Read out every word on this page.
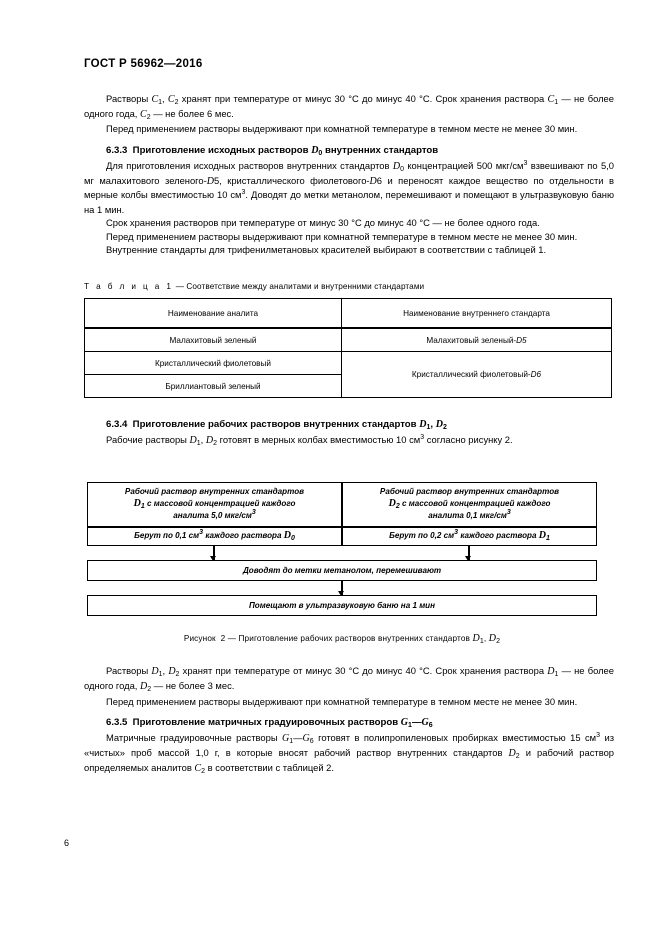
ГОСТ Р 56962—2016

Растворы $C_1$, $C_2$ хранят при температуре от минус 30 °C до минус 40 °C. Срок хранения раствора $C_1$ — не более одного года, $C_2$ — не более 6 мес.

Перед применением растворы выдерживают при комнатной температуре в темном месте не менее 30 мин.

6.3.3  Приготовление исходных растворов $D_0$ внутренних стандартов

Для приготовления исходных растворов внутренних стандартов $D_0$ концентрацией 500 мкг/$см^3$ взвешивают по 5,0 мг малахитового зеленого-D5, кристаллического фиолетового-D6 и переносят каждое вещество по отдельности в мерные колбы вместимостью 10 $см^3$. Доводят до метки метанолом, перемешивают и помещают в ультразвуковую баню на 1 мин.

Срок хранения растворов при температуре от минус 30 °C до минус 40 °C — не более одного года.

Перед применением растворы выдерживают при комнатной температуре в темном месте не менее 30 мин.

Внутренние стандарты для трифенилметановых красителей выбирают в соответствии с таблицей 1.

Т а б л и ц а 1 — Соответствие между аналитами и внутренними стандартами
Наименование аналита	Наименование внутреннего стандарта
Малахитовый зеленый	Малахитовый зеленый-D5
Кристаллический фиолетовый	Кристаллический фиолетовый-D6
Бриллиантовый зеленый	
6.3.4  Приготовление рабочих растворов внутренних стандартов $D_1$, $D_2$

Рабочие растворы $D_1$, $D_2$ готовят в мерных колбах вместимостью 10 $см^3$ согласно рисунку 2.

Рабочий раствор внутренних стандартов
$D_1$ с массовой концентрацией каждого
аналита 5,0 мкг/$см^3$
Рабочий раствор внутренних стандартов
$D_2$ с массовой концентрацией каждого
аналита 0,1 мкг/$см^3$
Берут по 0,1 $см^3$ каждого раствора $D_0$	Берут по 0,2 $см^3$ каждого раствора $D_1$
Доводят до метки метанолом, перемешивают
Помещают в ультразвуковую баню на 1 мин
Рисунок  2 — Приготовление рабочих растворов внутренних стандартов $D_1$, $D_2$

Растворы $D_1$, $D_2$ хранят при температуре от минус 30 °C до минус 40 °C. Срок хранения раствора $D_1$ — не более одного года, $D_2$ — не более 3 мес.

Перед применением растворы выдерживают при комнатной температуре в темном месте не менее 30 мин.

6.3.5  Приготовление матричных градуировочных растворов $G_1—G_6$

Матричные градуировочные растворы $G_1—G_6$ готовят в полипропиленовых пробирках вместимостью 15 $см^3$ из «чистых» проб массой 1,0 г, в которые вносят рабочий раствор внутренних стандартов $D_2$ и рабочий раствор определяемых аналитов $C_2$ в соответствии с таблицей 2.

6
